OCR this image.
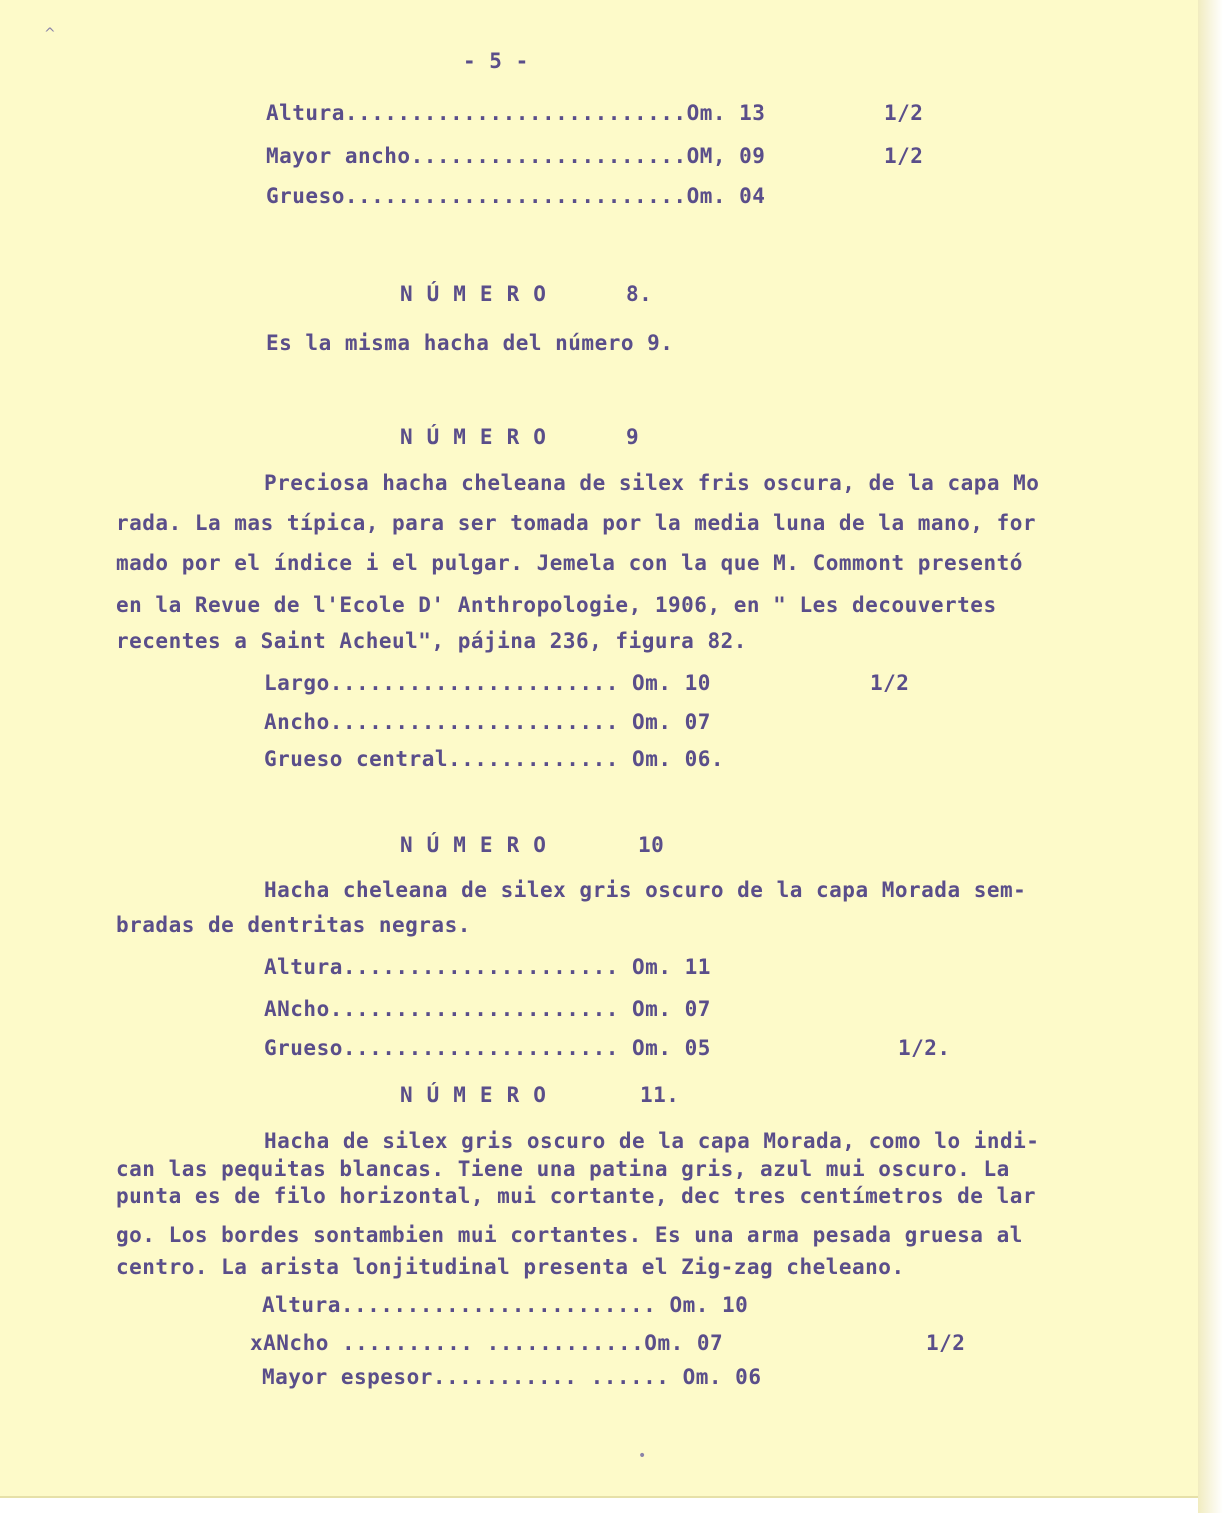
^
- 5 -
Altura..........................Om. 13	1/2
Mayor ancho.....................OM, 09	1/2
Grueso..........................Om. 04
NÚMERO	8.
Es la misma hacha del número 9.
NÚMERO	9
Preciosa hacha cheleana de silex fris oscura, de la capa Mo
rada. La mas típica, para ser tomada por la media luna de la mano, for
mado por el índice i el pulgar. Jemela con la que M. Commont presentó
en la Revue de l'Ecole D' Anthropologie, 1906, en " Les decouvertes
recentes a Saint Acheul", pájina 236, figura 82.
Largo...................... Om. 10	1/2
Ancho...................... Om. 07
Grueso central............. Om. 06.
NÚMERO	10
Hacha cheleana de silex gris oscuro de la capa Morada sem-
bradas de dentritas negras.
Altura..................... Om. 11
ANcho...................... Om. 07
Grueso..................... Om. 05	1/2.
NÚMERO	11.
Hacha de silex gris oscuro de la capa Morada, como lo indi-
can las pequitas blancas. Tiene una patina gris, azul mui oscuro. La
punta es de filo horizontal, mui cortante, dec tres centímetros de lar
go. Los bordes sontambien mui cortantes. Es una arma pesada gruesa al
centro. La arista lonjitudinal presenta el Zig-zag cheleano.
Altura........................ Om. 10
xANcho .......... ............Om. 07	1/2
Mayor espesor........... ...... Om. 06
•
